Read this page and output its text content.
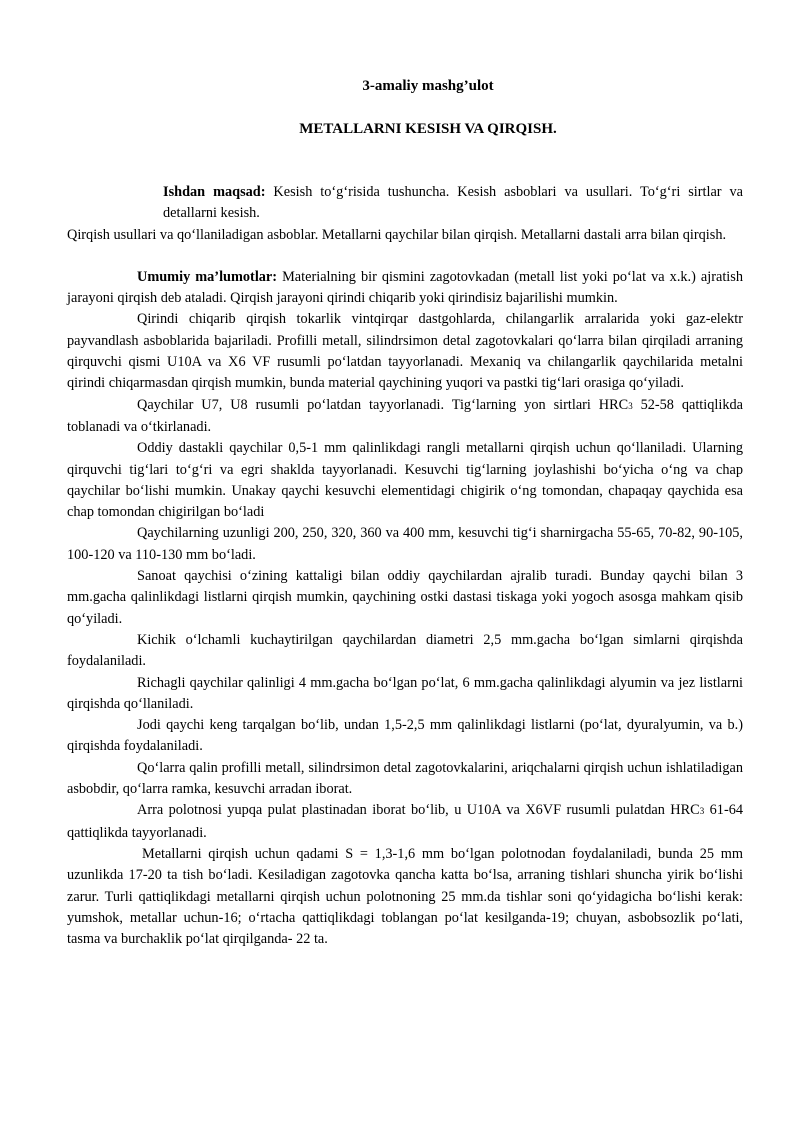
3-amaliy mashg’ulot

METALLARNI KESISH VA QIRQISH.

Ishdan maqsad: Kesish to‘g‘risida tushuncha. Kesish asboblari va usullari. To‘g‘ri sirtlar va detallarni kesish.

Qirqish usullari va qo‘llaniladigan asboblar. Metallarni qaychilar bilan qirqish. Metallarni dastali arra bilan qirqish.

Umumiy ma’lumotlar: Materialning bir qismini zagotovkadan (metall list yoki po‘lat va x.k.) ajratish jarayoni qirqish deb ataladi. Qirqish jarayoni qirindi chiqarib yoki qirindisiz bajarilishi mumkin.

Qirindi chiqarib qirqish tokarlik vintqirqar dastgohlarda, chilangarlik arralarida yoki gaz-elektr payvandlash asboblarida bajariladi. Profilli metall, silindrsimon detal zagotovkalari qo‘larra bilan qirqiladi arraning qirquvchi qismi U10A va X6 VF rusumli po‘latdan tayyorlanadi. Mexaniq va chilangarlik qaychilarida metalni qirindi chiqarmasdan qirqish mumkin, bunda material qaychining yuqori va pastki tig‘lari orasiga qo‘yiladi.

Qaychilar U7, U8 rusumli po‘latdan tayyorlanadi. Tig‘larning yon sirtlari HRC3 52-58 qattiqlikda toblanadi va o‘tkirlanadi.

Oddiy dastakli qaychilar 0,5-1 mm qalinlikdagi rangli metallarni qirqish uchun qo‘llaniladi. Ularning qirquvchi tig‘lari to‘g‘ri va egri shaklda tayyorlanadi. Kesuvchi tig‘larning joylashishi bo‘yicha o‘ng va chap qaychilar bo‘lishi mumkin. Unakay qaychi kesuvchi elementidagi chigirik o‘ng tomondan, chapaqay qaychida esa chap tomondan chigirilgan bo‘ladi

Qaychilarning uzunligi 200, 250, 320, 360 va 400 mm, kesuvchi tig‘i sharnirgacha 55-65, 70-82, 90-105, 100-120 va 110-130 mm bo‘ladi.

Sanoat qaychisi o‘zining kattaligi bilan oddiy qaychilardan ajralib turadi. Bunday qaychi bilan 3 mm.gacha qalinlikdagi listlarni qirqish mumkin, qaychining ostki dastasi tiskaga yoki yogoch asosga mahkam qisib qo‘yiladi.

Kichik o‘lchamli kuchaytirilgan qaychilardan diametri 2,5 mm.gacha bo‘lgan simlarni qirqishda foydalaniladi.

Richagli qaychilar qalinligi 4 mm.gacha bo‘lgan po‘lat, 6 mm.gacha qalinlikdagi alyumin va jez listlarni qirqishda qo‘llaniladi.

Jodi qaychi keng tarqalgan bo‘lib, undan 1,5-2,5 mm qalinlikdagi listlarni (po‘lat, dyuralyumin, va b.) qirqishda foydalaniladi.

Qo‘larra qalin profilli metall, silindrsimon detal zagotovkalarini, ariqchalarni qirqish uchun ishlatiladigan asbobdir, qo‘larra ramka, kesuvchi arradan iborat.

Arra polotnosi yupqa pulat plastinadan iborat bo‘lib, u U10A va X6VF rusumli pulatdan HRC3 61-64 qattiqlikda tayyorlanadi.

Metallarni qirqish uchun qadami S = 1,3-1,6 mm bo‘lgan polotnodan foydalaniladi, bunda 25 mm uzunlikda 17-20 ta tish bo‘ladi. Kesiladigan zagotovka qancha katta bo‘lsa, arraning tishlari shuncha yirik bo‘lishi zarur. Turli qattiqlikdagi metallarni qirqish uchun polotnoning 25 mm.da tishlar soni qo‘yidagicha bo‘lishi kerak: yumshok, metallar uchun-16; o‘rtacha qattiqlikdagi toblangan po‘lat kesilganda-19; chuyan, asbobsozlik po‘lati, tasma va burchaklik po‘lat qirqilganda- 22 ta.
